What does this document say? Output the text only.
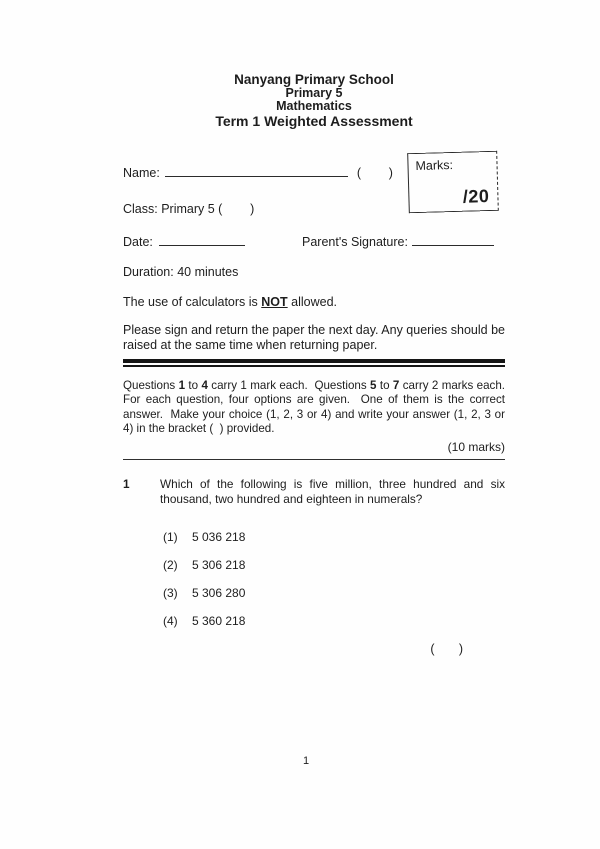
Marks:
/20
Nanyang Primary School
Primary 5
Mathematics
Term 1 Weighted Assessment
Name:	(        )
Class: Primary 5 (        )
Date:	Parent's Signature:
Duration: 40 minutes
The use of calculators is NOT allowed.
Please sign and return the paper the next day. Any queries should be raised at the same time when returning paper.
Questions 1 to 4 carry 1 mark each.  Questions 5 to 7 carry 2 marks each. For each question, four options are given.  One of them is the correct answer.  Make your choice (1, 2, 3 or 4) and write your answer (1, 2, 3 or 4) in the bracket (  ) provided.
(10 marks)
1	Which of the following is five million, three hundred and six thousand, two hundred and eighteen in numerals?
(1) 5 036 218
(2) 5 306 218
(3) 5 306 280
(4) 5 360 218
(       )
1
